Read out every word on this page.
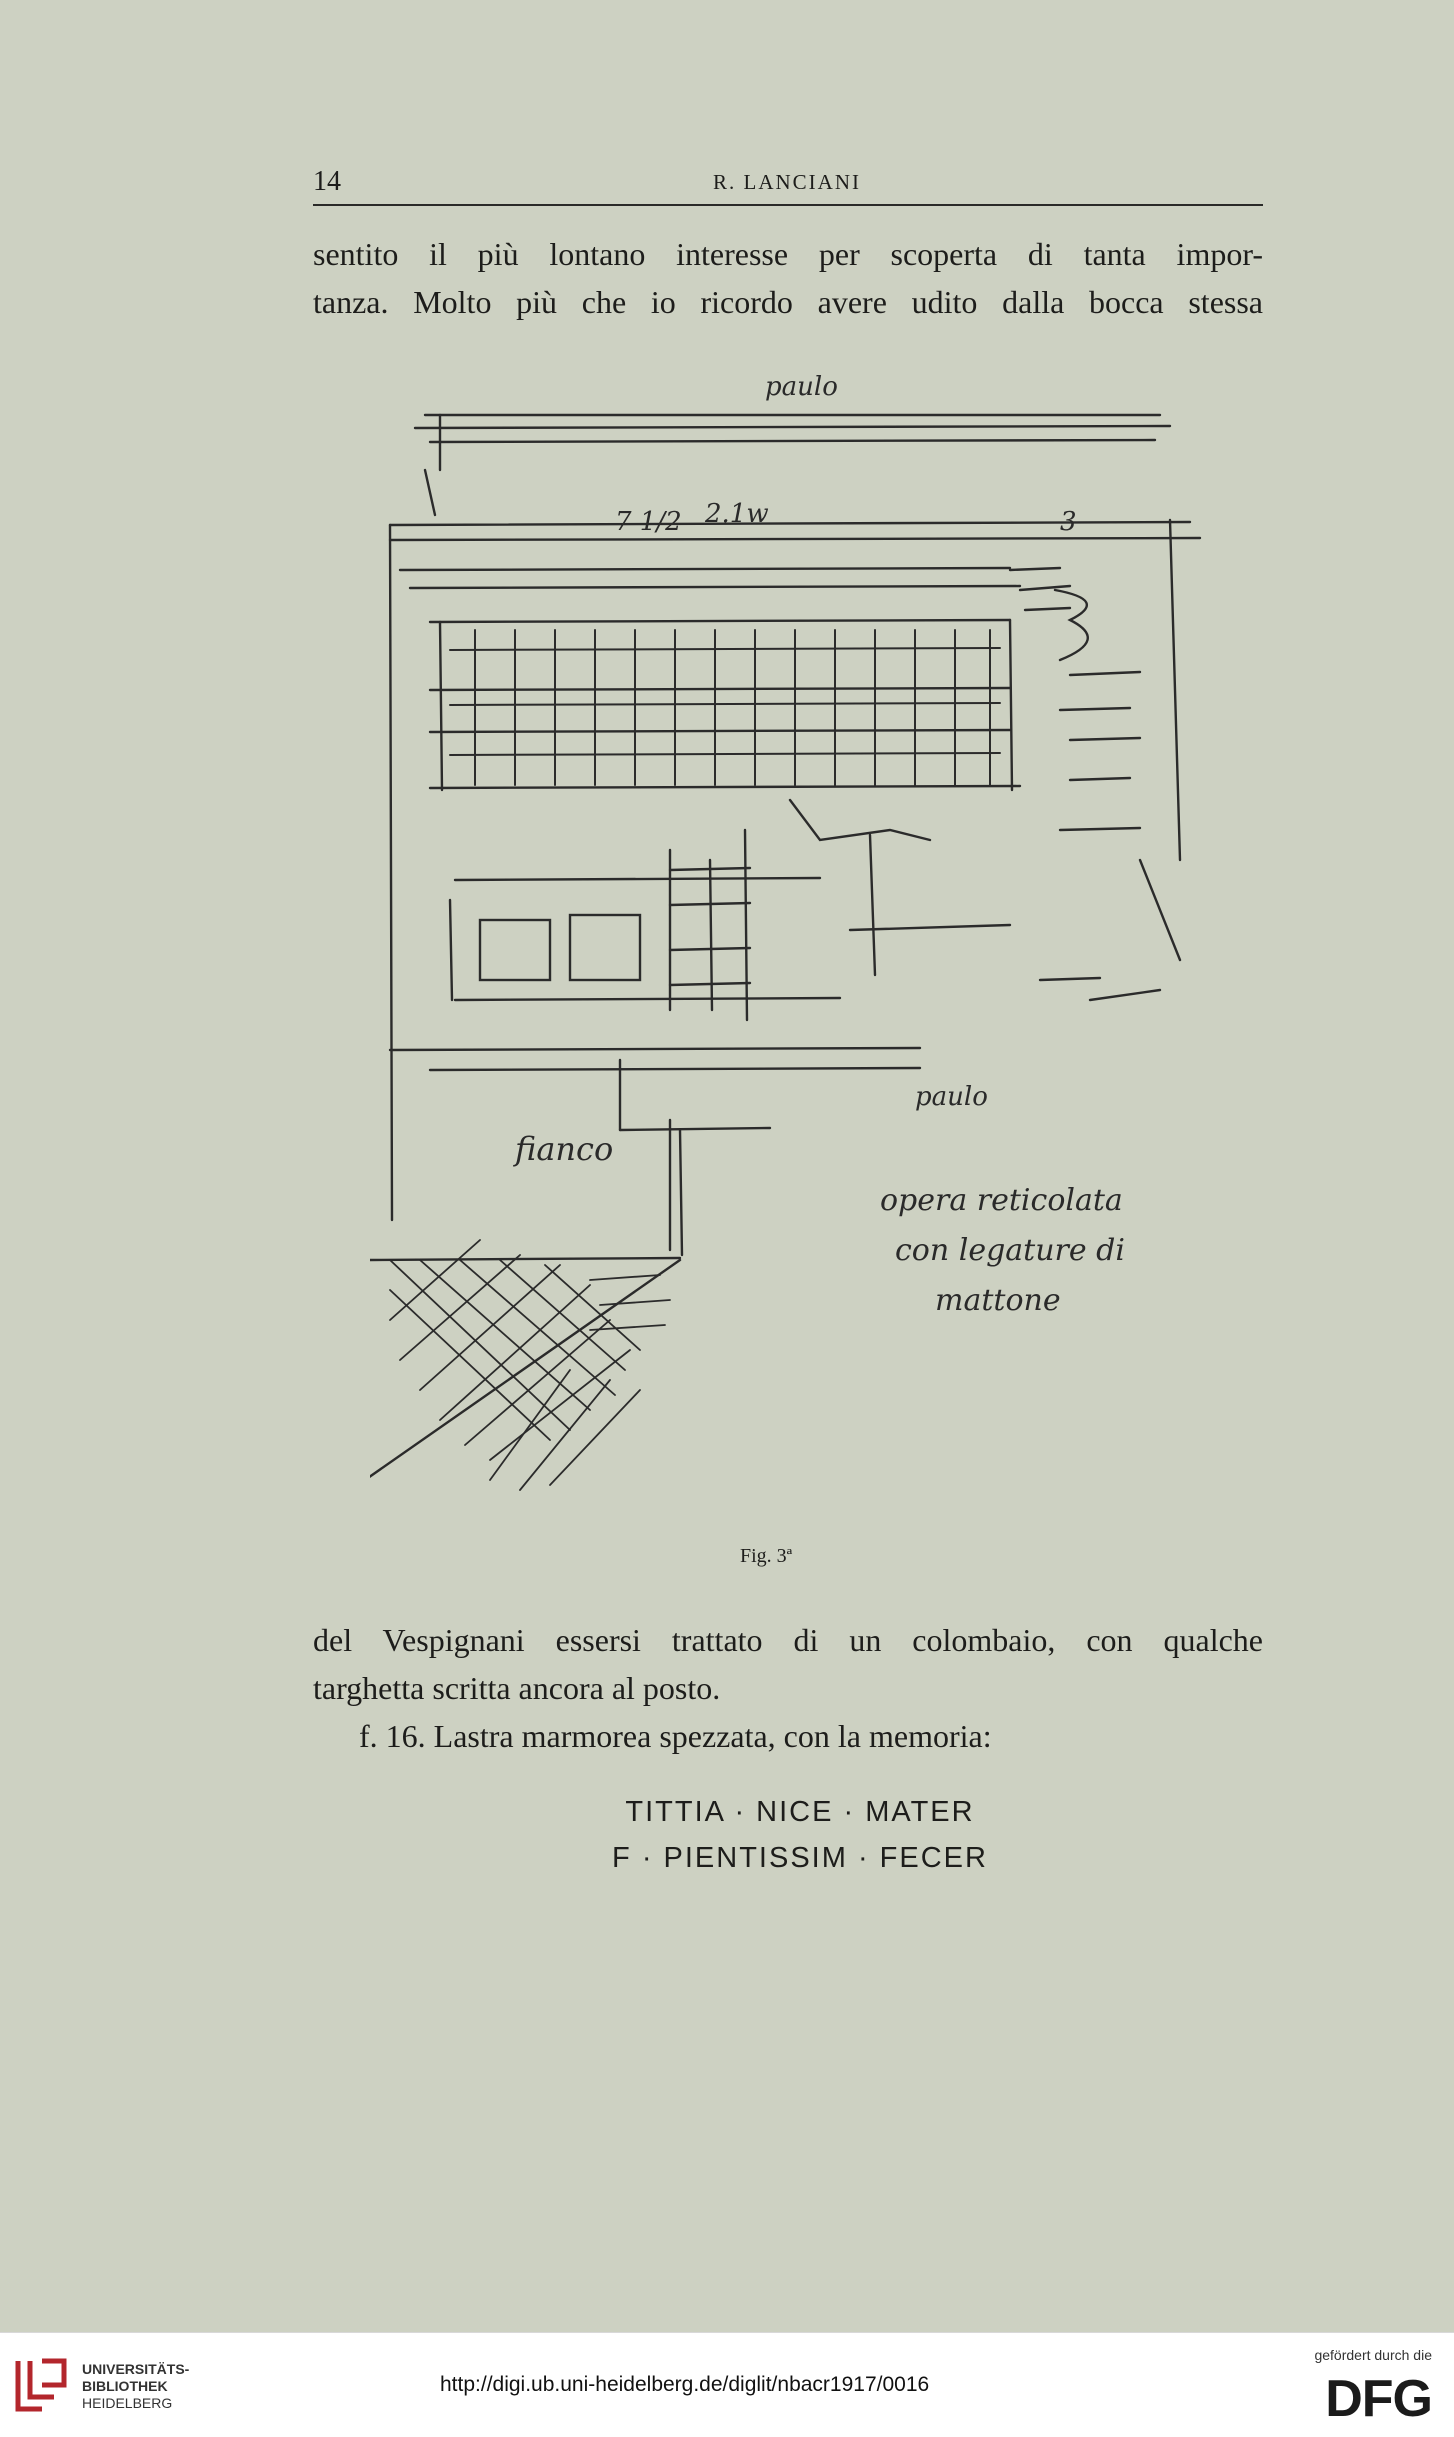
14	R. LANCIANI

sentito il più lontano interesse per scoperta di tanta impor-
tanza. Molto più che io ricordo avere udito dalla bocca stessa

paulo
7 1/2 2.1w	3
paulo
fianco
opera reticolata
con legature di
mattone
Fig. 3ª

del Vespignani essersi trattato di un colombaio, con qualche
targhetta scritta ancora al posto.

f. 16. Lastra marmorea spezzata, con la memoria:

TITTIA · NICE · MATER
F · PIENTISSIM · FECER
UNIVERSITÄTS-
BIBLIOTHEK
HEIDELBERG
http://digi.ub.uni-heidelberg.de/diglit/nbacr1917/0016
gefördert durch die
DFG
